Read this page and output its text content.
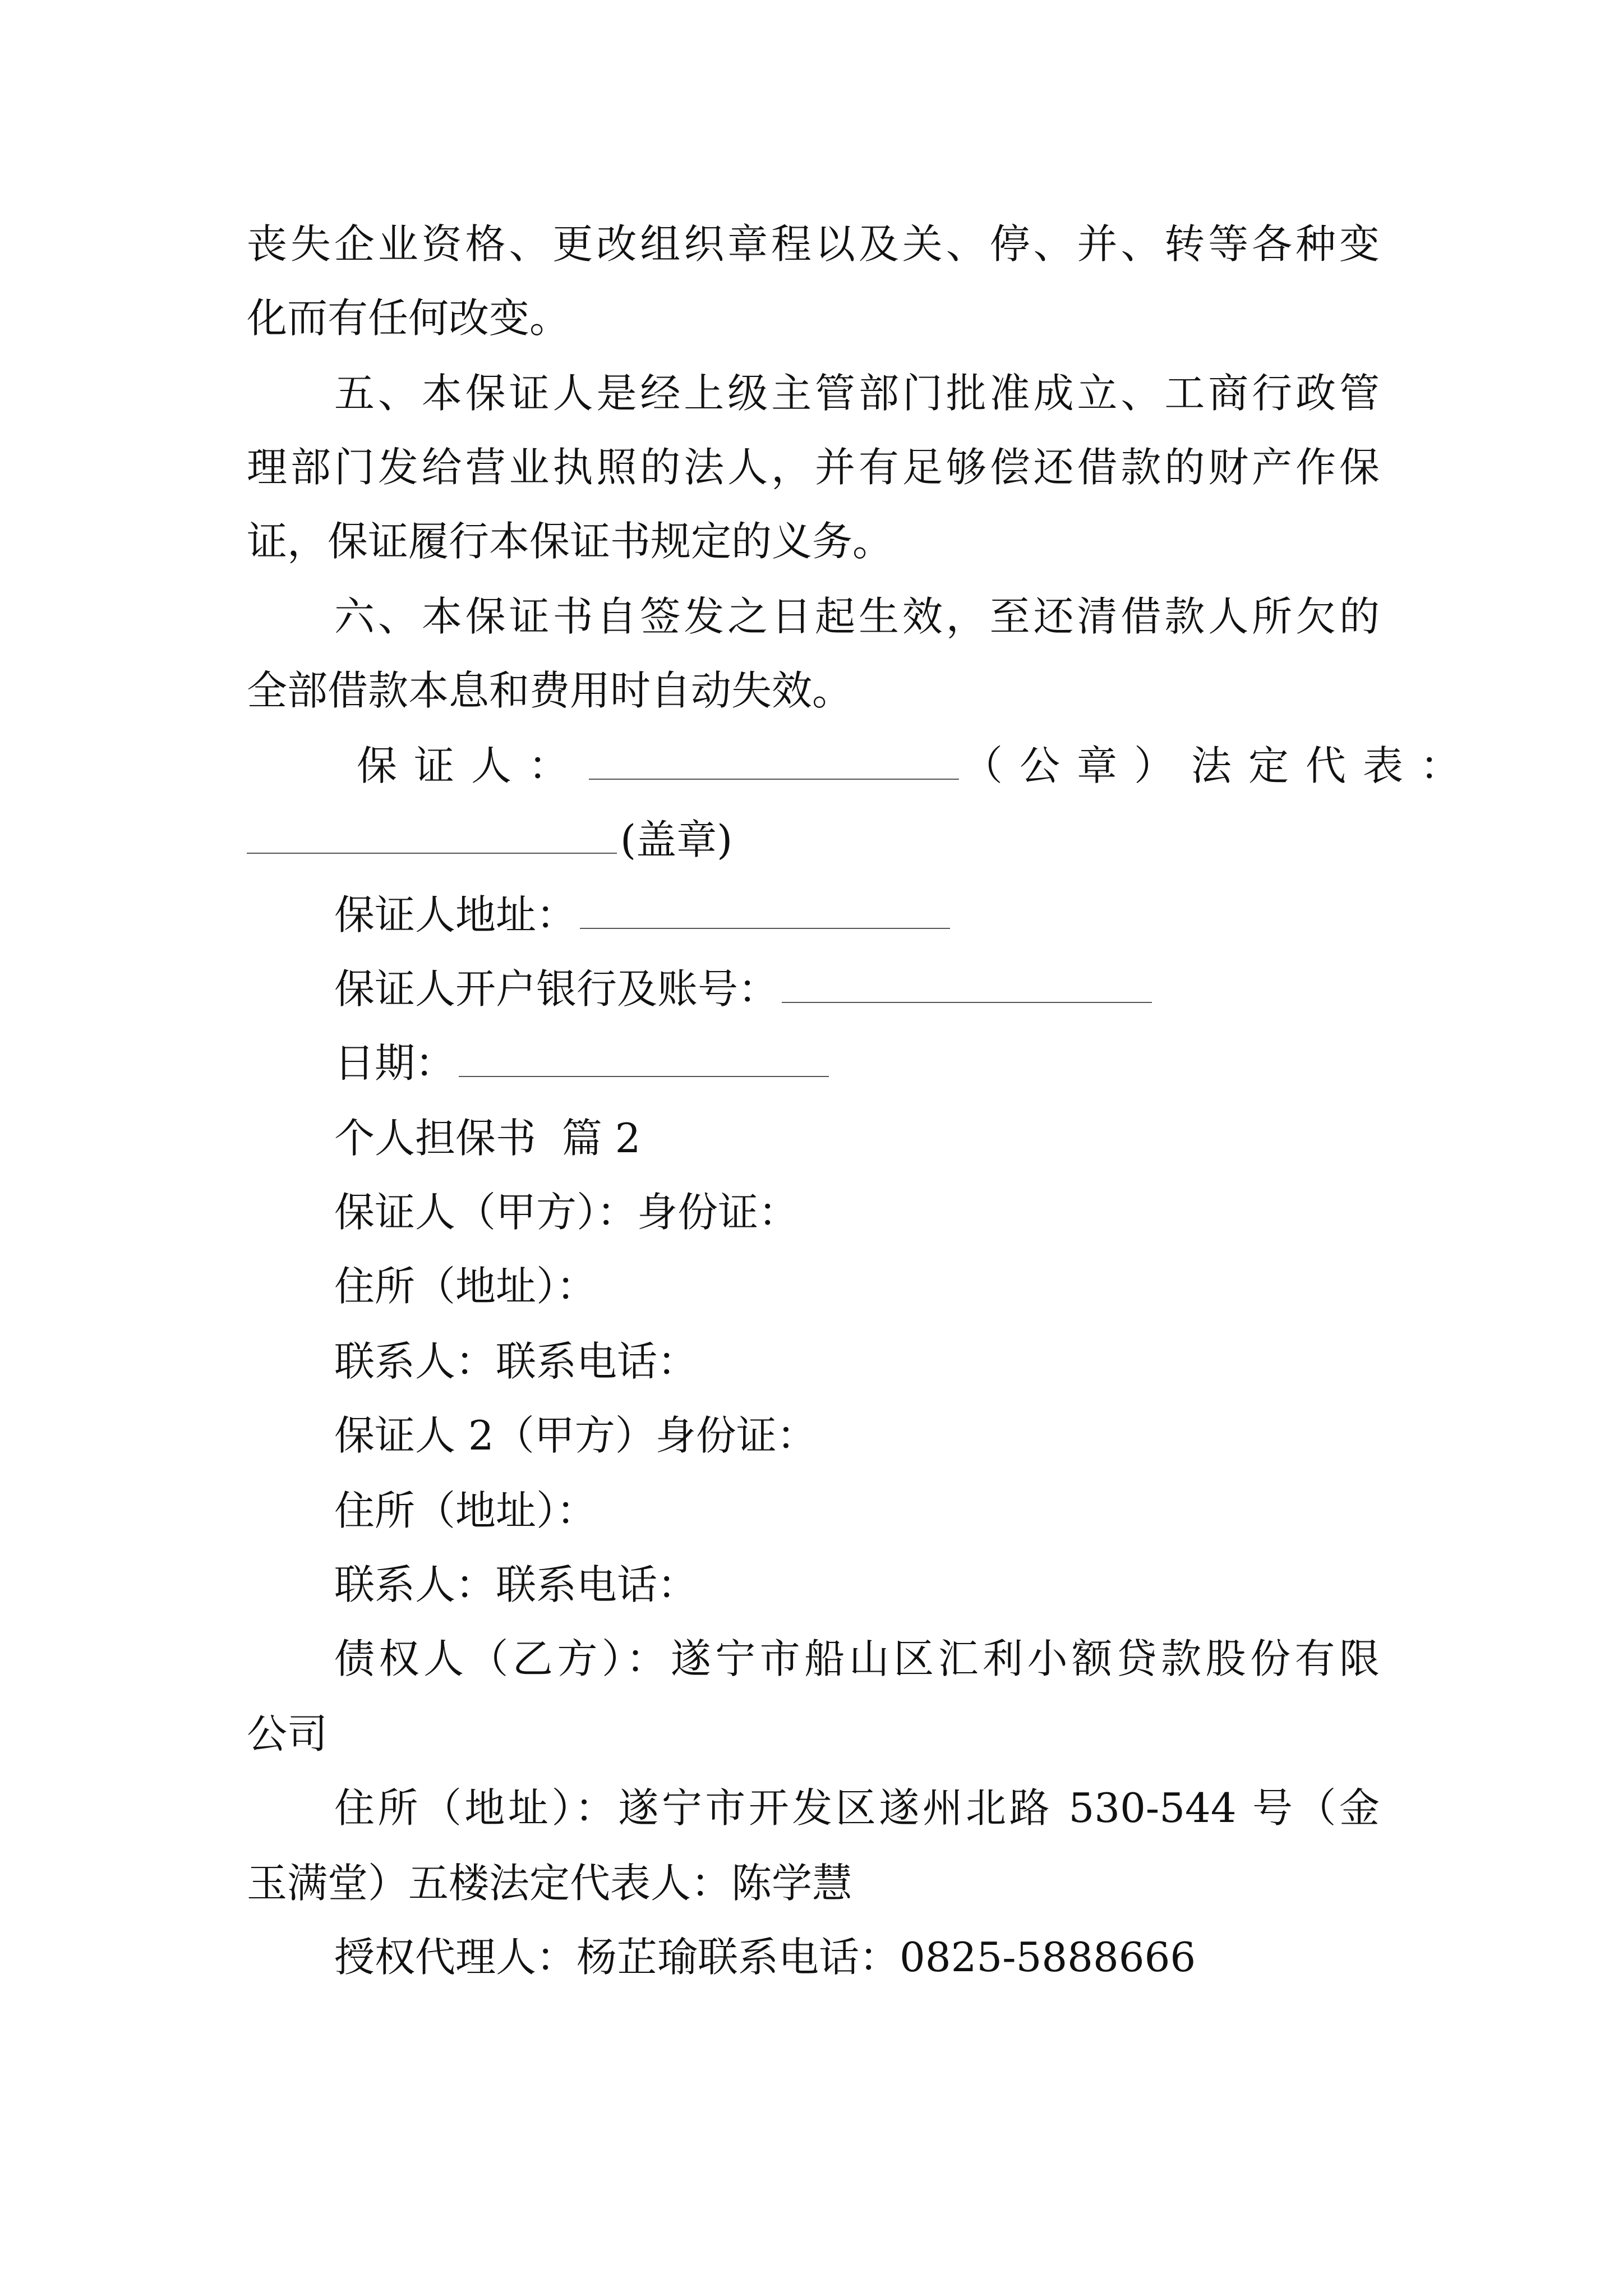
丧失企业资格、更改组织章程以及关、停、并、转等各种变
化而有任何改变。
五、本保证人是经上级主管部门批准成立、工商行政管
理部门发给营业执照的法人，并有足够偿还借款的财产作保
证，保证履行本保证书规定的义务。
六、本保证书自签发之日起生效，至还清借款人所欠的
全部借款本息和费用时自动失效。
保证人：	（公章）法定代表：
(盖章)
保证人地址：
保证人开户银行及账号：
日期：
个人担保书  篇 2
保证人（甲方）：身份证：
住所（地址）：
联系人：联系电话：
保证人 2（甲方）身份证：
住所（地址）：
联系人：联系电话：
债权人（乙方）：遂宁市船山区汇利小额贷款股份有限
公司
住所（地址）：遂宁市开发区遂州北路 530-544 号（金
玉满堂）五楼法定代表人：陈学慧
授权代理人：杨芷瑜联系电话：0825-5888666
